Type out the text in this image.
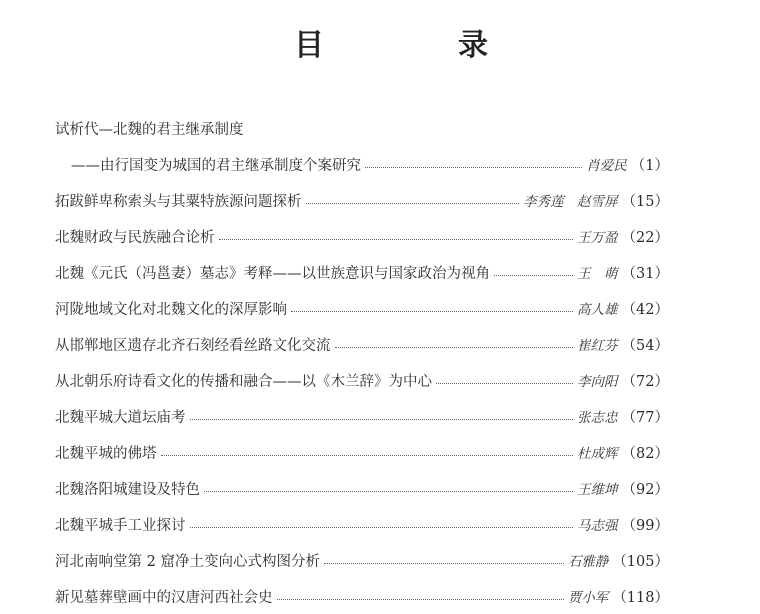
目　录
试析代—北魏的君主继承制度
——由行国变为城国的君主继承制度个案研究	肖爱民 （1）
拓跋鲜卑称索头与其粟特族源问题探析	李秀莲　赵雪屏 （15）
北魏财政与民族融合论析	王万盈 （22）
北魏《元氏（冯邕妻）墓志》考释——以世族意识与国家政治为视角	王　萌 （31）
河陇地域文化对北魏文化的深厚影响	高人雄 （42）
从邯郸地区遗存北齐石刻经看丝路文化交流	崔红芬 （54）
从北朝乐府诗看文化的传播和融合——以《木兰辞》为中心	李向阳 （72）
北魏平城大道坛庙考	张志忠 （77）
北魏平城的佛塔	杜成辉 （82）
北魏洛阳城建设及特色	王维坤 （92）
北魏平城手工业探讨	马志强 （99）
河北南响堂第 2 窟净土变向心式构图分析	石雅静 （105）
新见墓葬壁画中的汉唐河西社会史	贾小军 （118）
